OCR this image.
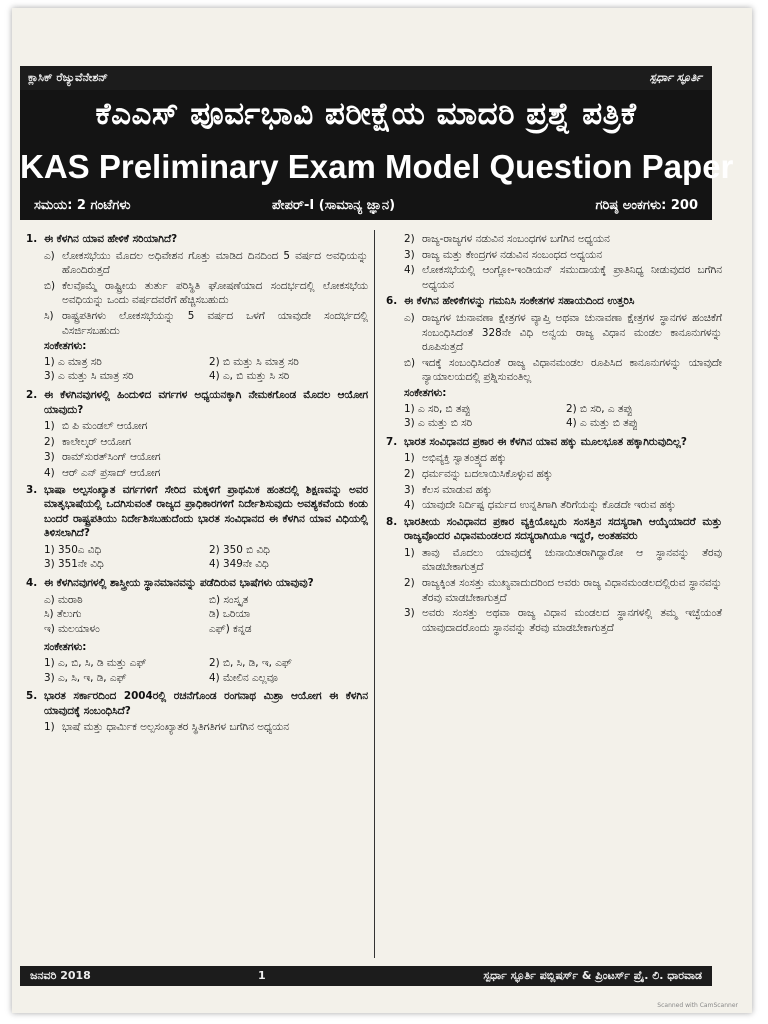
ಕ್ಲಾಸಿಕ್ ರೆಜ್ಯುವೆನೇಶನ್	ಸ್ಪರ್ಧಾ ಸ್ಫೂರ್ತಿ
ಕೆಎಎಸ್ ಪೂರ್ವಭಾವಿ ಪರೀಕ್ಷೆಯ ಮಾದರಿ ಪ್ರಶ್ನೆ ಪತ್ರಿಕೆ
KAS Preliminary Exam Model Question Paper
ಸಮಯ: 2 ಗಂಟೆಗಳು	ಪೇಪರ್-I (ಸಾಮಾನ್ಯ ಜ್ಞಾನ)	ಗರಿಷ್ಠ ಅಂಕಗಳು: 200
1. ಈ ಕೆಳಗಿನ ಯಾವ ಹೇಳಿಕೆ ಸರಿಯಾಗಿದೆ?
ಎ) ಲೋಕಸಭೆಯು ಮೊದಲ ಅಧಿವೇಶನ ಗೊತ್ತು ಮಾಡಿದ ದಿನದಿಂದ 5 ವರ್ಷದ ಅವಧಿಯನ್ನು ಹೊಂದಿರುತ್ತದೆ
ಬಿ) ಕೆಲವೊಮ್ಮೆ ರಾಷ್ಟ್ರೀಯ ತುರ್ತು ಪರಿಸ್ಥಿತಿ ಘೋಷಣೆಯಾದ ಸಂದರ್ಭದಲ್ಲಿ ಲೋಕಸಭೆಯ ಅವಧಿಯನ್ನು ಒಂದು ವರ್ಷದವರೆಗೆ ಹೆಚ್ಚಿಸಬಹುದು
ಸಿ) ರಾಷ್ಟ್ರಪತಿಗಳು ಲೋಕಸಭೆಯನ್ನು 5 ವರ್ಷದ ಒಳಗೆ ಯಾವುದೇ ಸಂದರ್ಭದಲ್ಲಿ ವಿಸರ್ಜಿಸಬಹುದು
ಸಂಕೇತಗಳು:
1) ಎ ಮಾತ್ರ ಸರಿ	2) ಬಿ ಮತ್ತು ಸಿ ಮಾತ್ರ ಸರಿ
3) ಎ ಮತ್ತು ಸಿ ಮಾತ್ರ ಸರಿ	4) ಎ, ಬಿ ಮತ್ತು ಸಿ ಸರಿ
2. ಈ ಕೆಳಗಿನವುಗಳಲ್ಲಿ ಹಿಂದುಳಿದ ವರ್ಗಗಳ ಅಧ್ಯಯನಕ್ಕಾಗಿ ನೇಮಕಗೊಂಡ ಮೊದಲ ಆಯೋಗ ಯಾವುದು?
1) ಬಿ ಪಿ ಮಂಡಲ್ ಆಯೋಗ
2) ಕಾಲೇಲ್ಕರ್ ಆಯೋಗ
3) ರಾಮ್‌ಸುರತ್‌ಸಿಂಗ್ ಆಯೋಗ
4) ಆರ್ ಎನ್ ಪ್ರಸಾದ್ ಆಯೋಗ
3. ಭಾಷಾ ಅಲ್ಪಸಂಖ್ಯಾತ ವರ್ಗಗಳಿಗೆ ಸೇರಿದ ಮಕ್ಕಳಿಗೆ ಪ್ರಾಥಮಿಕ ಹಂತದಲ್ಲಿ ಶಿಕ್ಷಣವನ್ನು ಅವರ ಮಾತೃಭಾಷೆಯಲ್ಲಿ ಒದಗಿಸುವಂತೆ ರಾಜ್ಯದ ಪ್ರಾಧಿಕಾರಗಳಿಗೆ ನಿರ್ದೇಶಿಸುವುದು ಅವಶ್ಯಕವೆಂದು ಕಂಡು ಬಂದರೆ ರಾಷ್ಟ್ರಪತಿಯು ನಿರ್ದೇಶಿಸಬಹುದೆಂದು ಭಾರತ ಸಂವಿಧಾನದ ಈ ಕೆಳಗಿನ ಯಾವ ವಿಧಿಯಲ್ಲಿ ತಿಳಿಸಲಾಗಿದೆ?
1) 350ಎ ವಿಧಿ	2) 350 ಬಿ ವಿಧಿ
3) 351ನೇ ವಿಧಿ	4) 349ನೇ ವಿಧಿ
4. ಈ ಕೆಳಗಿನವುಗಳಲ್ಲಿ ಶಾಸ್ತ್ರೀಯ ಸ್ಥಾನಮಾನವನ್ನು ಪಡೆದಿರುವ ಭಾಷೆಗಳು ಯಾವುವು?
ಎ) ಮರಾಠಿ	ಬಿ) ಸಂಸ್ಕೃತ
ಸಿ) ತೆಲುಗು	ಡಿ) ಒರಿಯಾ
ಇ) ಮಲಯಾಳಂ	ಎಫ್) ಕನ್ನಡ
ಸಂಕೇತಗಳು:
1) ಎ, ಬಿ, ಸಿ, ಡಿ ಮತ್ತು ಎಫ್	2) ಬಿ, ಸಿ, ಡಿ, ಇ, ಎಫ್
3) ಎ, ಸಿ, ಇ, ಡಿ, ಎಫ್	4) ಮೇಲಿನ ಎಲ್ಲವೂ
5. ಭಾರತ ಸರ್ಕಾರದಿಂದ 2004ರಲ್ಲಿ ರಚನೆಗೊಂಡ ರಂಗನಾಥ ಮಿಶ್ರಾ ಆಯೋಗ ಈ ಕೆಳಗಿನ ಯಾವುದಕ್ಕೆ ಸಂಬಂಧಿಸಿದೆ?
1) ಭಾಷೆ ಮತ್ತು ಧಾರ್ಮಿಕ ಅಲ್ಪಸಂಖ್ಯಾತರ ಸ್ಥಿತಿಗತಿಗಳ ಬಗೆಗಿನ ಅಧ್ಯಯನ
2) ರಾಜ್ಯ-ರಾಜ್ಯಗಳ ನಡುವಿನ ಸಂಬಂಧಗಳ ಬಗೆಗಿನ ಅಧ್ಯಯನ
3) ರಾಜ್ಯ ಮತ್ತು ಕೇಂದ್ರಗಳ ನಡುವಿನ ಸಂಬಂಧದ ಅಧ್ಯಯನ
4) ಲೋಕಸಭೆಯಲ್ಲಿ ಆಂಗ್ಲೋ-ಇಂಡಿಯನ್ ಸಮುದಾಯಕ್ಕೆ ಪ್ರಾತಿನಿಧ್ಯ ನೀಡುವುದರ ಬಗೆಗಿನ ಅಧ್ಯಯನ
6. ಈ ಕೆಳಗಿನ ಹೇಳಿಕೆಗಳನ್ನು ಗಮನಿಸಿ ಸಂಕೇತಗಳ ಸಹಾಯದಿಂದ ಉತ್ತರಿಸಿ
ಎ) ರಾಜ್ಯಗಳ ಚುನಾವಣಾ ಕ್ಷೇತ್ರಗಳ ವ್ಯಾಪ್ತಿ ಅಥವಾ ಚುನಾವಣಾ ಕ್ಷೇತ್ರಗಳ ಸ್ಥಾನಗಳ ಹಂಚಿಕೆಗೆ ಸಂಬಂಧಿಸಿದಂತೆ 328ನೇ ವಿಧಿ ಅನ್ವಯ ರಾಜ್ಯ ವಿಧಾನ ಮಂಡಲ ಕಾನೂನುಗಳನ್ನು ರೂಪಿಸುತ್ತದೆ
ಬಿ) ಇದಕ್ಕೆ ಸಂಬಂಧಿಸಿದಂತೆ ರಾಜ್ಯ ವಿಧಾನಮಂಡಲ ರೂಪಿಸಿದ ಕಾನೂನುಗಳನ್ನು ಯಾವುದೇ ನ್ಯಾಯಾಲಯದಲ್ಲಿ ಪ್ರಶ್ನಿಸುವಂತಿಲ್ಲ
ಸಂಕೇತಗಳು:
1) ಎ ಸರಿ, ಬಿ ತಪ್ಪು	2) ಬಿ ಸರಿ, ಎ ತಪ್ಪು
3) ಎ ಮತ್ತು ಬಿ ಸರಿ	4) ಎ ಮತ್ತು ಬಿ ತಪ್ಪು
7. ಭಾರತ ಸಂವಿಧಾನದ ಪ್ರಕಾರ ಈ ಕೆಳಗಿನ ಯಾವ ಹಕ್ಕು ಮೂಲಭೂತ ಹಕ್ಕಾಗಿರುವುದಿಲ್ಲ?
1) ಅಭಿವ್ಯಕ್ತಿ ಸ್ವಾತಂತ್ರ್ಯದ ಹಕ್ಕು
2) ಧರ್ಮವನ್ನು ಬದಲಾಯಿಸಿಕೊಳ್ಳುವ ಹಕ್ಕು
3) ಕೆಲಸ ಮಾಡುವ ಹಕ್ಕು
4) ಯಾವುದೇ ನಿರ್ದಿಷ್ಟ ಧರ್ಮದ ಉನ್ನತಿಗಾಗಿ ತೆರಿಗೆಯನ್ನು ಕೊಡದೇ ಇರುವ ಹಕ್ಕು
8. ಭಾರತೀಯ ಸಂವಿಧಾನದ ಪ್ರಕಾರ ವ್ಯಕ್ತಿಯೊಬ್ಬರು ಸಂಸತ್ತಿನ ಸದಸ್ಯರಾಗಿ ಆಯ್ಕೆಯಾದರೆ ಮತ್ತು ರಾಜ್ಯವೊಂದರ ವಿಧಾನಮಂಡಲದ ಸದಸ್ಯರಾಗಿಯೂ ಇದ್ದರೆ, ಅಂತಹವರು
1) ತಾವು ಮೊದಲು ಯಾವುದಕ್ಕೆ ಚುನಾಯಿತರಾಗಿದ್ದಾರೋ ಆ ಸ್ಥಾನವನ್ನು ತೆರವು ಮಾಡಬೇಕಾಗುತ್ತದೆ
2) ರಾಜ್ಯಕ್ಕಿಂತ ಸಂಸತ್ತು ಮುಖ್ಯವಾದುದರಿಂದ ಅವರು ರಾಜ್ಯ ವಿಧಾನಮಂಡಲದಲ್ಲಿರುವ ಸ್ಥಾನವನ್ನು ತೆರವು ಮಾಡಬೇಕಾಗುತ್ತದೆ
3) ಅವರು ಸಂಸತ್ತು ಅಥವಾ ರಾಜ್ಯ ವಿಧಾನ ಮಂಡಲದ ಸ್ಥಾನಗಳಲ್ಲಿ ತಮ್ಮ ಇಚ್ಛೆಯಂತೆ ಯಾವುದಾದರೊಂದು ಸ್ಥಾನವನ್ನು ತೆರವು ಮಾಡಬೇಕಾಗುತ್ತದೆ
ಜನವರಿ 2018	1	ಸ್ಪರ್ಧಾ ಸ್ಫೂರ್ತಿ ಪಬ್ಲಿಷರ್ಸ್ & ಪ್ರಿಂಟರ್ಸ್ ಪ್ರೈ. ಲಿ. ಧಾರವಾಡ
Scanned with CamScanner
